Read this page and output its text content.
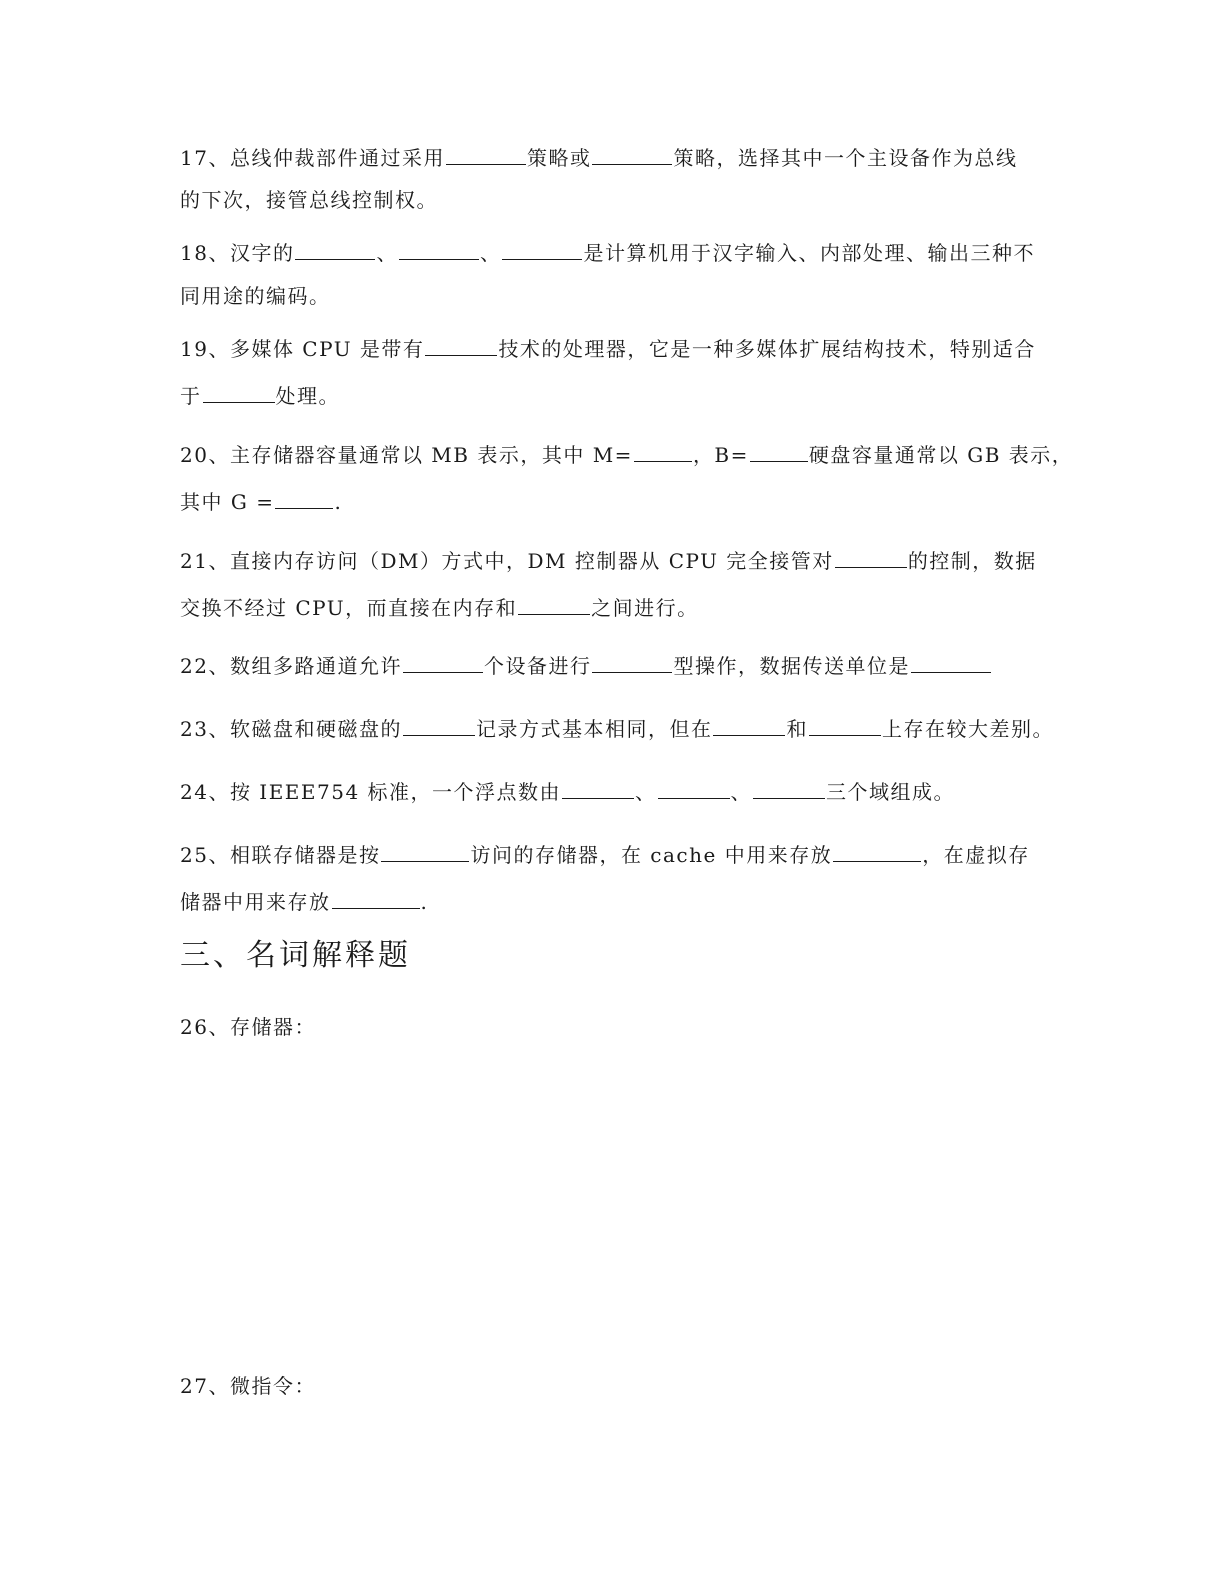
17、总线仲裁部件通过采用	策略或	策略，选择其中一个主设备作为总线
的下次，接管总线控制权。
18、汉字的	、	、	是计算机用于汉字输入、内部处理、输出三种不
同用途的编码。
19、多媒体 CPU 是带有	技术的处理器，它是一种多媒体扩展结构技术，特别适合
于	处理。
20、主存储器容量通常以 MB 表示，其中 M=	，B=	硬盘容量通常以 GB 表示，
其中 G =	.
21、直接内存访问（DM）方式中，DM 控制器从 CPU 完全接管对	的控制，数据
交换不经过 CPU，而直接在内存和	之间进行。
22、数组多路通道允许	个设备进行	型操作，数据传送单位是
23、软磁盘和硬磁盘的	记录方式基本相同，但在	和	上存在较大差别。
24、按 IEEE754 标准，一个浮点数由	、	、	三个域组成。
25、相联存储器是按	访问的存储器，在 cache 中用来存放	，在虚拟存
储器中用来存放	.
三、名词解释题
26、存储器：
27、微指令：
